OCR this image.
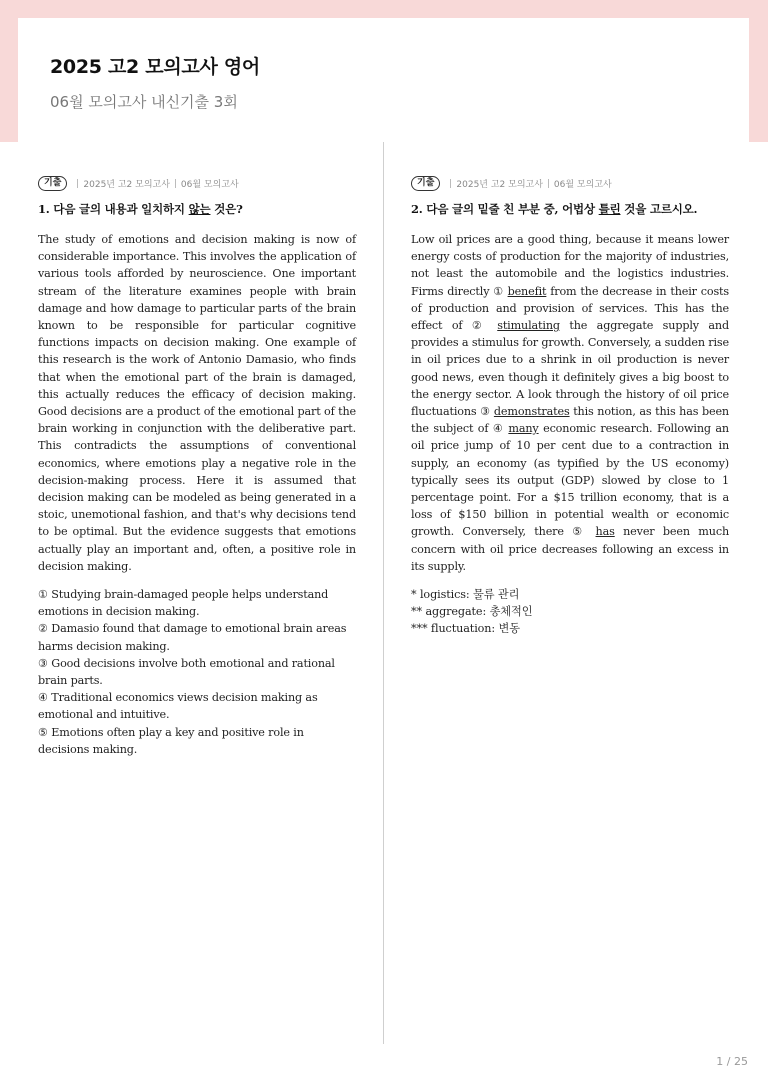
2025 고2 모의고사 영어

06월 모의고사 내신기출 3회

기출	2025년 고2 모의고사 06월 모의고사

1. 다음 글의 내용과 일치하지 않는 것은?

The study of emotions and decision making is now of considerable importance. This involves the application of various tools afforded by neuroscience. One important stream of the literature examines people with brain damage and how damage to particular parts of the brain known to be responsible for particular cognitive functions impacts on decision making. One example of this research is the work of Antonio Damasio, who finds that when the emotional part of the brain is damaged, this actually reduces the efficacy of decision making. Good decisions are a product of the emotional part of the brain working in conjunction with the deliberative part. This contradicts the assumptions of conventional economics, where emotions play a negative role in the decision-making process. Here it is assumed that decision making can be modeled as being generated in a stoic, unemotional fashion, and that's why decisions tend to be optimal. But the evidence suggests that emotions actually play an important and, often, a positive role in decision making.

① Studying brain-damaged people helps understand emotions in decision making.
② Damasio found that damage to emotional brain areas harms decision making.
③ Good decisions involve both emotional and rational brain parts.
④ Traditional economics views decision making as emotional and intuitive.
⑤ Emotions often play a key and positive role in decisions making.
기출	2025년 고2 모의고사 06월 모의고사

2. 다음 글의 밑줄 친 부분 중, 어법상 틀린 것을 고르시오.

Low oil prices are a good thing, because it means lower energy costs of production for the majority of industries, not least the automobile and the logistics industries. Firms directly ① benefit from the decrease in their costs of production and provision of services. This has the effect of ② stimulating the aggregate supply and provides a stimulus for growth. Conversely, a sudden rise in oil prices due to a shrink in oil production is never good news, even though it definitely gives a big boost to the energy sector. A look through the history of oil price fluctuations ③ demonstrates this notion, as this has been the subject of ④ many economic research. Following an oil price jump of 10 per cent due to a contraction in supply, an economy (as typified by the US economy) typically sees its output (GDP) slowed by close to 1 percentage point. For a $15 trillion economy, that is a loss of $150 billion in potential wealth or economic growth. Conversely, there ⑤ has never been much concern with oil price decreases following an excess in its supply.

* logistics: 물류 관리
** aggregate: 총체적인
*** fluctuation: 변동
1 / 25
